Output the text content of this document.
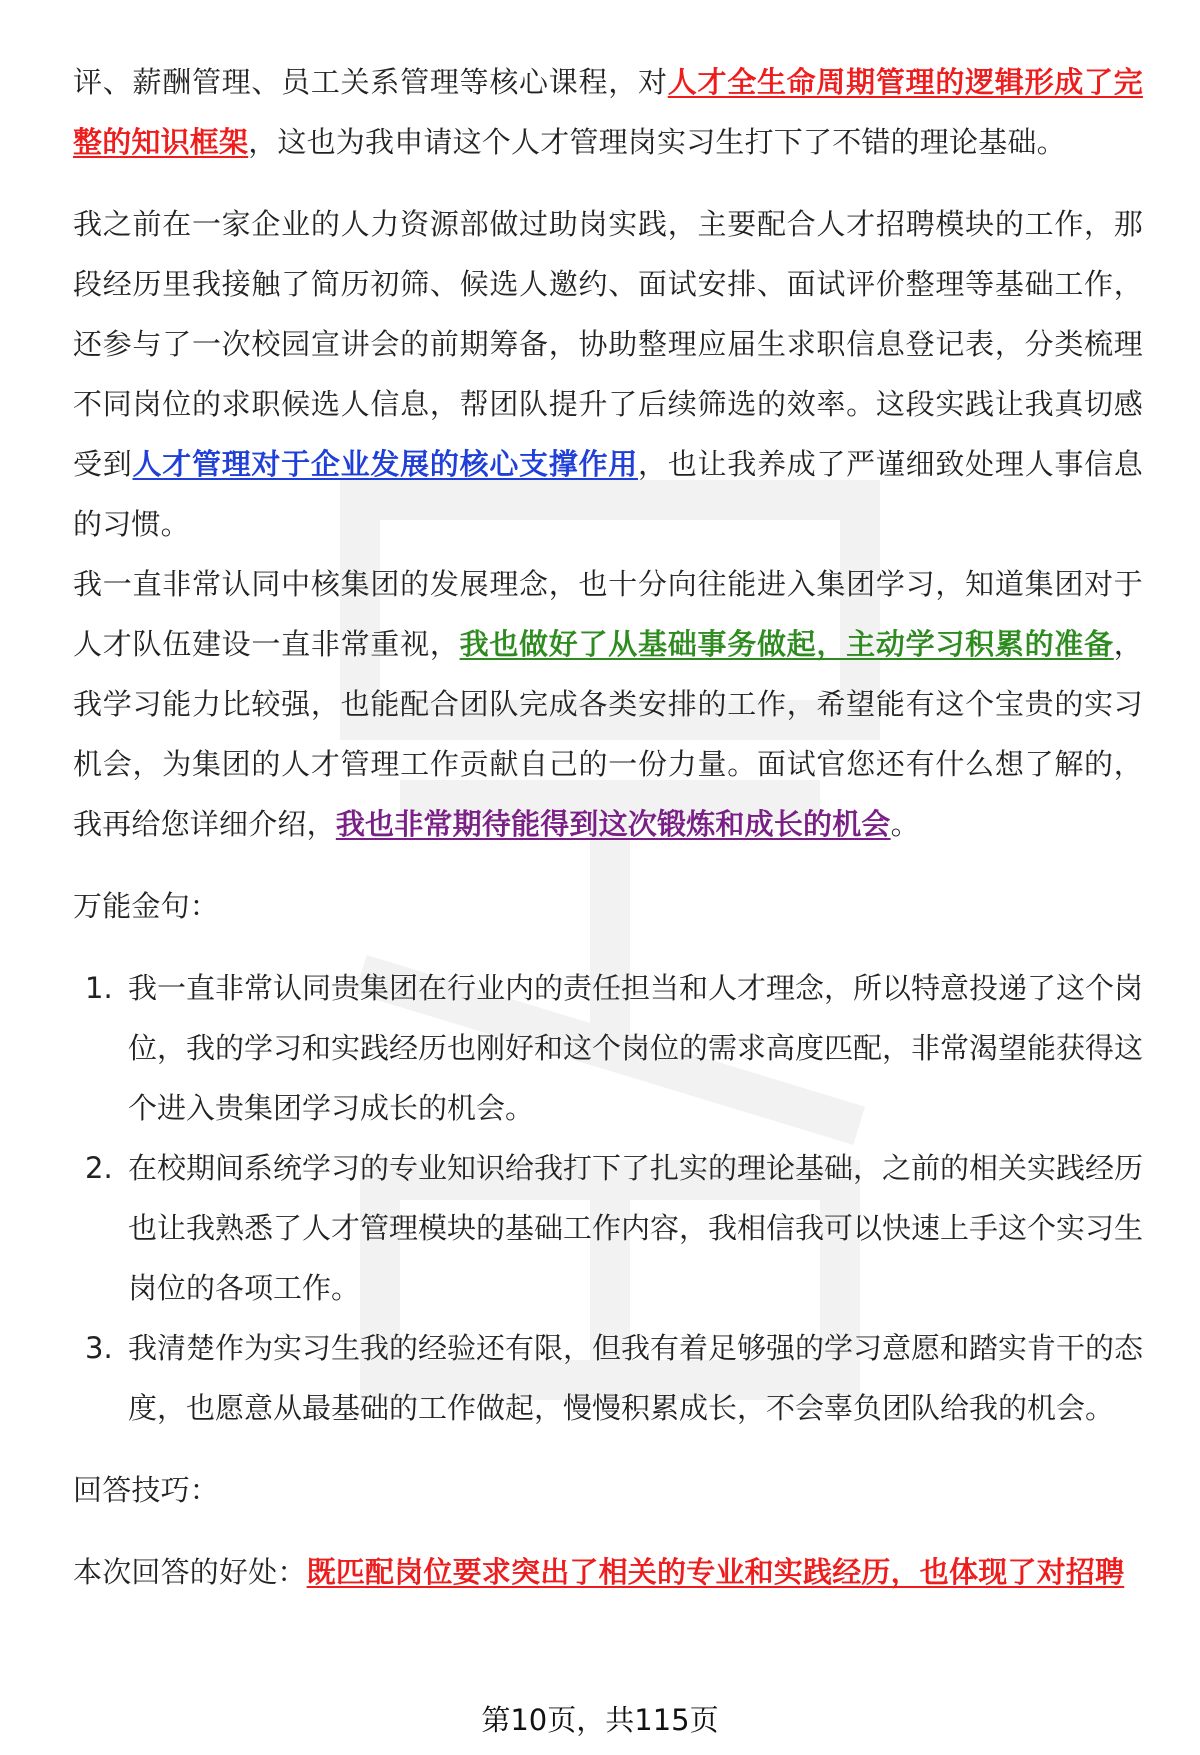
评、薪酬管理、员工关系管理等核心课程，对人才全生命周期管理的逻辑形成了完整的知识框架，这也为我申请这个人才管理岗实习生打下了不错的理论基础。

我之前在一家企业的人力资源部做过助岗实践，主要配合人才招聘模块的工作，那段经历里我接触了简历初筛、候选人邀约、面试安排、面试评价整理等基础工作，还参与了一次校园宣讲会的前期筹备，协助整理应届生求职信息登记表，分类梳理不同岗位的求职候选人信息，帮团队提升了后续筛选的效率。这段实践让我真切感受到人才管理对于企业发展的核心支撑作用，也让我养成了严谨细致处理人事信息的习惯。

我一直非常认同中核集团的发展理念，也十分向往能进入集团学习，知道集团对于人才队伍建设一直非常重视，我也做好了从基础事务做起，主动学习积累的准备，我学习能力比较强，也能配合团队完成各类安排的工作，希望能有这个宝贵的实习机会，为集团的人才管理工作贡献自己的一份力量。面试官您还有什么想了解的，我再给您详细介绍，我也非常期待能得到这次锻炼和成长的机会。

万能金句：

1. 我一直非常认同贵集团在行业内的责任担当和人才理念，所以特意投递了这个岗位，我的学习和实践经历也刚好和这个岗位的需求高度匹配，非常渴望能获得这个进入贵集团学习成长的机会。
2. 在校期间系统学习的专业知识给我打下了扎实的理论基础，之前的相关实践经历也让我熟悉了人才管理模块的基础工作内容，我相信我可以快速上手这个实习生岗位的各项工作。
3. 我清楚作为实习生我的经验还有限，但我有着足够强的学习意愿和踏实肯干的态度，也愿意从最基础的工作做起，慢慢积累成长，不会辜负团队给我的机会。

回答技巧：

本次回答的好处：既匹配岗位要求突出了相关的专业和实践经历，也体现了对招聘

第10页，共115页
